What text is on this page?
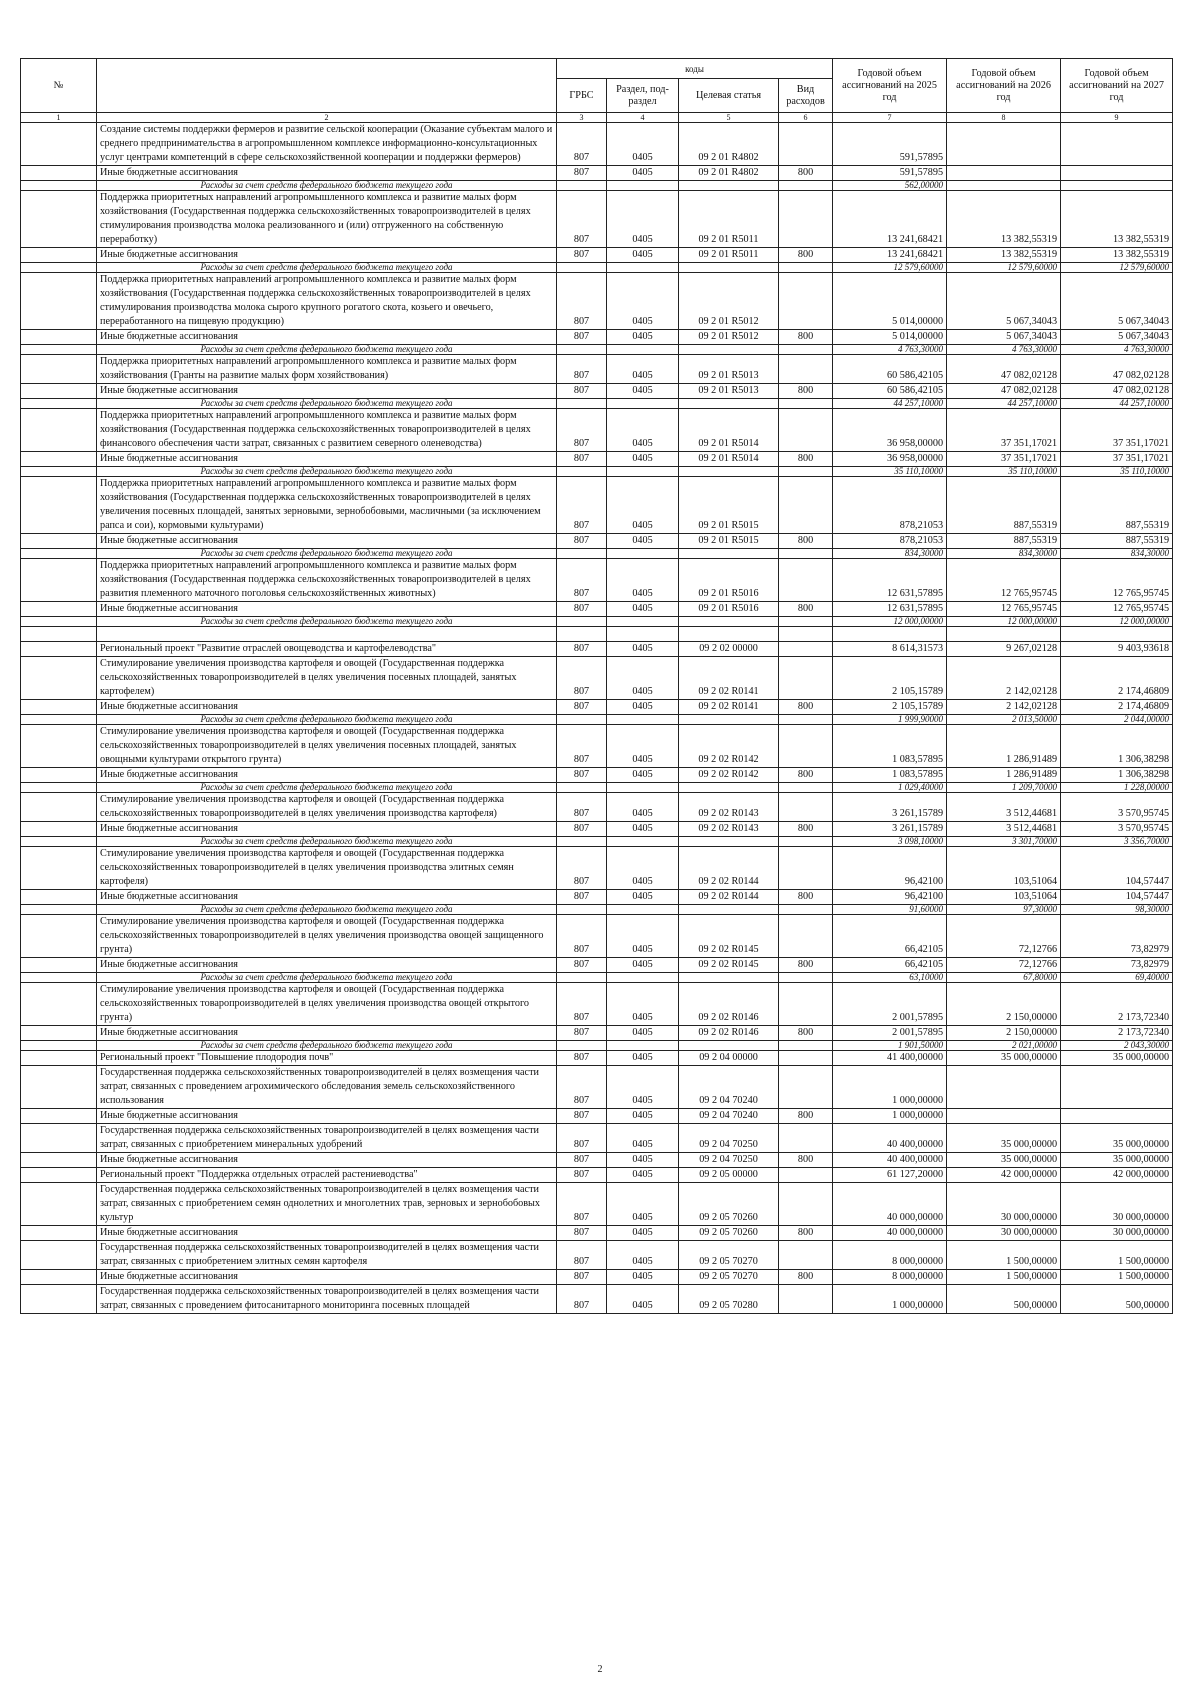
№		коды				Годовой объем ассигнований на 2025 год	Годовой объем ассигнований на 2026 год	Годовой объем ассигнований на 2027 год
		ГРБС	Раздел, под-раздел	Целевая статья	Вид расходов			
1	2	3	4	5	6	7	8	9
	Создание системы поддержки фермеров и развитие сельской кооперации (Оказание субъектам малого и среднего предпринимательства в агропромышленном комплексе информационно-консультационных услуг центрами компетенций в сфере сельскохозяйственной кооперации и поддержки фермеров)	807	0405	09 2 01 R4802		591,57895		
	Иные бюджетные ассигнования	807	0405	09 2 01 R4802	800	591,57895		
	Расходы за счет средств федерального бюджета текущего года					562,00000		
	Поддержка приоритетных направлений агропромышленного комплекса и развитие малых форм хозяйствования (Государственная поддержка сельскохозяйственных товаропроизводителей в целях стимулирования производства молока реализованного и (или) отгруженного на собственную переработку)	807	0405	09 2 01 R5011		13 241,68421	13 382,55319	13 382,55319
	Иные бюджетные ассигнования	807	0405	09 2 01 R5011	800	13 241,68421	13 382,55319	13 382,55319
	Расходы за счет средств федерального бюджета текущего года					12 579,60000	12 579,60000	12 579,60000
	Поддержка приоритетных направлений агропромышленного комплекса и развитие малых форм хозяйствования (Государственная поддержка сельскохозяйственных товаропроизводителей в целях стимулирования производства молока сырого крупного рогатого скота, козьего и овечьего, переработанного на пищевую продукцию)	807	0405	09 2 01 R5012		5 014,00000	5 067,34043	5 067,34043
	Иные бюджетные ассигнования	807	0405	09 2 01 R5012	800	5 014,00000	5 067,34043	5 067,34043
	Расходы за счет средств федерального бюджета текущего года					4 763,30000	4 763,30000	4 763,30000
	Поддержка приоритетных направлений агропромышленного комплекса и развитие малых форм хозяйствования (Гранты на развитие малых форм хозяйствования)	807	0405	09 2 01 R5013		60 586,42105	47 082,02128	47 082,02128
	Иные бюджетные ассигнования	807	0405	09 2 01 R5013	800	60 586,42105	47 082,02128	47 082,02128
	Расходы за счет средств федерального бюджета текущего года					44 257,10000	44 257,10000	44 257,10000
	Поддержка приоритетных направлений агропромышленного комплекса и развитие малых форм хозяйствования (Государственная поддержка сельскохозяйственных товаропроизводителей в целях финансового обеспечения части затрат, связанных с развитием северного оленеводства)	807	0405	09 2 01 R5014		36 958,00000	37 351,17021	37 351,17021
	Иные бюджетные ассигнования	807	0405	09 2 01 R5014	800	36 958,00000	37 351,17021	37 351,17021
	Расходы за счет средств федерального бюджета текущего года					35 110,10000	35 110,10000	35 110,10000
	Поддержка приоритетных направлений агропромышленного комплекса и развитие малых форм хозяйствования (Государственная поддержка сельскохозяйственных товаропроизводителей в целях увеличения посевных площадей, занятых зерновыми, зернобобовыми, масличными (за исключением рапса и сои), кормовыми культурами)	807	0405	09 2 01 R5015		878,21053	887,55319	887,55319
	Иные бюджетные ассигнования	807	0405	09 2 01 R5015	800	878,21053	887,55319	887,55319
	Расходы за счет средств федерального бюджета текущего года					834,30000	834,30000	834,30000
	Поддержка приоритетных направлений агропромышленного комплекса и развитие малых форм хозяйствования (Государственная поддержка сельскохозяйственных товаропроизводителей в целях развития племенного маточного поголовья сельскохозяйственных животных)	807	0405	09 2 01 R5016		12 631,57895	12 765,95745	12 765,95745
	Иные бюджетные ассигнования	807	0405	09 2 01 R5016	800	12 631,57895	12 765,95745	12 765,95745
	Расходы за счет средств федерального бюджета текущего года					12 000,00000	12 000,00000	12 000,00000

	Региональный проект "Развитие отраслей овощеводства и картофелеводства"	807	0405	09 2 02 00000		8 614,31573	9 267,02128	9 403,93618
	Стимулирование увеличения производства картофеля и овощей (Государственная поддержка сельскохозяйственных товаропроизводителей в целях увеличения посевных площадей, занятых картофелем)	807	0405	09 2 02 R0141		2 105,15789	2 142,02128	2 174,46809
	Иные бюджетные ассигнования	807	0405	09 2 02 R0141	800	2 105,15789	2 142,02128	2 174,46809
	Расходы за счет средств федерального бюджета текущего года					1 999,90000	2 013,50000	2 044,00000
	Стимулирование увеличения производства картофеля и овощей (Государственная поддержка сельскохозяйственных товаропроизводителей в целях увеличения посевных площадей, занятых овощными культурами открытого грунта)	807	0405	09 2 02 R0142		1 083,57895	1 286,91489	1 306,38298
	Иные бюджетные ассигнования	807	0405	09 2 02 R0142	800	1 083,57895	1 286,91489	1 306,38298
	Расходы за счет средств федерального бюджета текущего года					1 029,40000	1 209,70000	1 228,00000
	Стимулирование увеличения производства картофеля и овощей (Государственная поддержка сельскохозяйственных товаропроизводителей в целях увеличения производства картофеля)	807	0405	09 2 02 R0143		3 261,15789	3 512,44681	3 570,95745
	Иные бюджетные ассигнования	807	0405	09 2 02 R0143	800	3 261,15789	3 512,44681	3 570,95745
	Расходы за счет средств федерального бюджета текущего года					3 098,10000	3 301,70000	3 356,70000
	Стимулирование увеличения производства картофеля и овощей (Государственная поддержка сельскохозяйственных товаропроизводителей в целях увеличения производства элитных семян картофеля)	807	0405	09 2 02 R0144		96,42100	103,51064	104,57447
	Иные бюджетные ассигнования	807	0405	09 2 02 R0144	800	96,42100	103,51064	104,57447
	Расходы за счет средств федерального бюджета текущего года					91,60000	97,30000	98,30000
	Стимулирование увеличения производства картофеля и овощей (Государственная поддержка сельскохозяйственных товаропроизводителей в целях увеличения производства овощей защищенного грунта)	807	0405	09 2 02 R0145		66,42105	72,12766	73,82979
	Иные бюджетные ассигнования	807	0405	09 2 02 R0145	800	66,42105	72,12766	73,82979
	Расходы за счет средств федерального бюджета текущего года					63,10000	67,80000	69,40000
	Стимулирование увеличения производства картофеля и овощей (Государственная поддержка сельскохозяйственных товаропроизводителей в целях увеличения производства овощей открытого грунта)	807	0405	09 2 02 R0146		2 001,57895	2 150,00000	2 173,72340
	Иные бюджетные ассигнования	807	0405	09 2 02 R0146	800	2 001,57895	2 150,00000	2 173,72340
	Расходы за счет средств федерального бюджета текущего года					1 901,50000	2 021,00000	2 043,30000
	Региональный проект "Повышение плодородия почв"	807	0405	09 2 04 00000		41 400,00000	35 000,00000	35 000,00000
	Государственная поддержка сельскохозяйственных товаропроизводителей в целях возмещения части затрат, связанных с проведением агрохимического обследования земель сельскохозяйственного использования	807	0405	09 2 04 70240		1 000,00000		
	Иные бюджетные ассигнования	807	0405	09 2 04 70240	800	1 000,00000		
	Государственная поддержка сельскохозяйственных товаропроизводителей в целях возмещения части затрат, связанных с приобретением минеральных удобрений	807	0405	09 2 04 70250		40 400,00000	35 000,00000	35 000,00000
	Иные бюджетные ассигнования	807	0405	09 2 04 70250	800	40 400,00000	35 000,00000	35 000,00000
	Региональный проект "Поддержка отдельных отраслей растениеводства"	807	0405	09 2 05 00000		61 127,20000	42 000,00000	42 000,00000
	Государственная поддержка сельскохозяйственных товаропроизводителей в целях возмещения части затрат, связанных с приобретением семян однолетних и многолетних трав, зерновых и зернобобовых культур	807	0405	09 2 05 70260		40 000,00000	30 000,00000	30 000,00000
	Иные бюджетные ассигнования	807	0405	09 2 05 70260	800	40 000,00000	30 000,00000	30 000,00000
	Государственная поддержка сельскохозяйственных товаропроизводителей в целях возмещения части затрат, связанных с приобретением элитных семян картофеля	807	0405	09 2 05 70270		8 000,00000	1 500,00000	1 500,00000
	Иные бюджетные ассигнования	807	0405	09 2 05 70270	800	8 000,00000	1 500,00000	1 500,00000
	Государственная поддержка сельскохозяйственных товаропроизводителей в целях возмещения части затрат, связанных с проведением фитосанитарного мониторинга посевных площадей	807	0405	09 2 05 70280		1 000,00000	500,00000	500,00000
2
